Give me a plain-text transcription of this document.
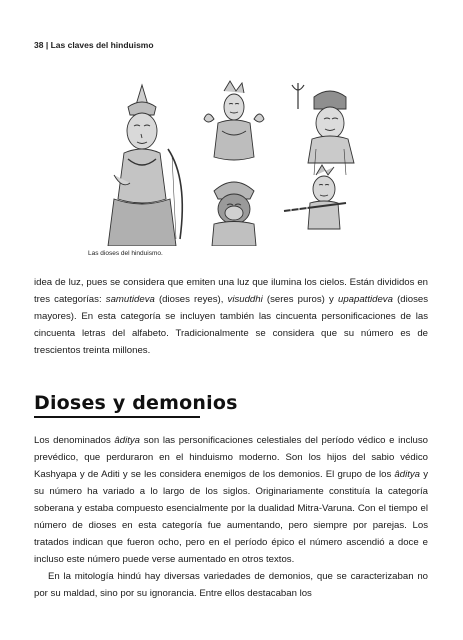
38 | Las claves del hinduismo
Las dioses del hinduismo.
idea de luz, pues se considera que emiten una luz que ilumina los cielos. Están divididos en tres categorías: samutideva (dioses reyes), visuddhi (seres puros) y upapattideva (dioses mayores). En esta categoría se incluyen también las cincuenta personificaciones de las cincuenta letras del alfabeto. Tradicionalmente se considera que su número es de trescientos treinta millones.
Dioses y demonios
Los denominados âditya son las personificaciones celestiales del período védico e incluso prevédico, que perduraron en el hinduismo moderno. Son los hijos del sabio védico Kashyapa y de Aditi y se les considera enemigos de los demonios. El grupo de los âditya y su número ha variado a lo largo de los siglos. Originariamente constituía la categoría soberana y estaba compuesto esencialmente por la dualidad Mitra-Varuna. Con el tiempo el número de dioses en esta categoría fue aumentando, pero siempre por parejas. Los tratados indican que fueron ocho, pero en el período épico el número ascendió a doce e incluso este número puede verse aumentado en otros textos.
En la mitología hindú hay diversas variedades de demonios, que se caracterizaban no por su maldad, sino por su ignorancia. Entre ellos destacaban los
